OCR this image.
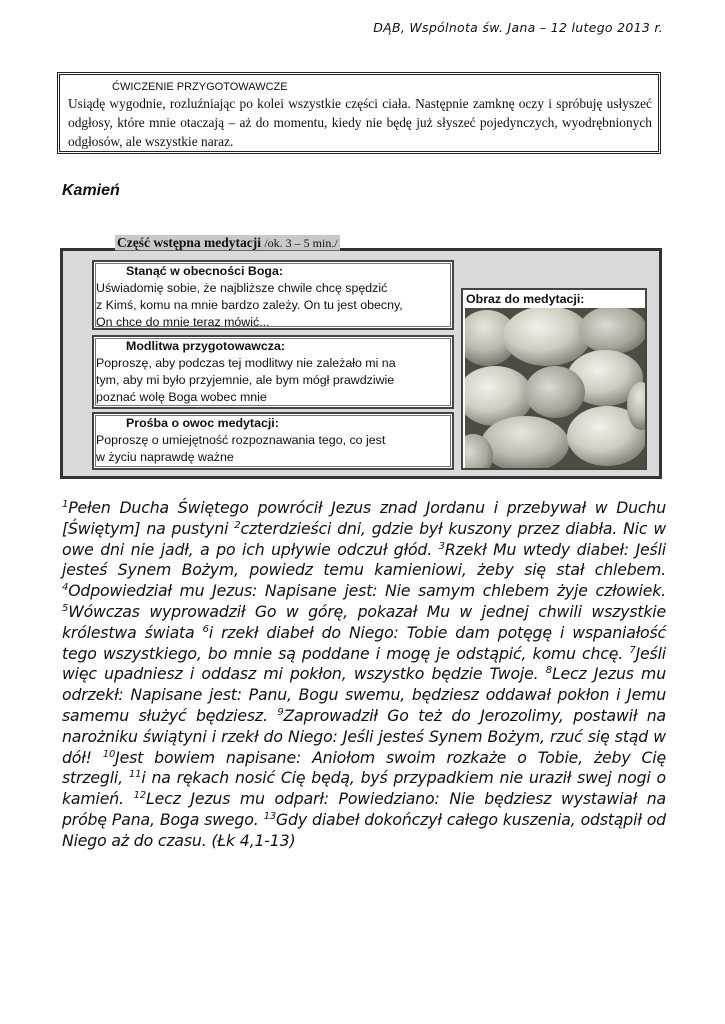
DĄB, Wspólnota św. Jana – 12 lutego 2013 r.
ĆWICZENIE PRZYGOTOWAWCZE

Usiądę wygodnie, rozluźniając po kolei wszystkie części ciała. Następnie zamknę oczy i spróbuję usłyszeć odgłosy, które mnie otaczają – aż do momentu, kiedy nie będę już słyszeć pojedynczych, wyodrębnionych odgłosów, ale wszystkie naraz.

Kamień
Część wstępna medytacji /ok. 3 – 5 min./
Stanąć w obecności Boga:
Uświadomię sobie, że najbliższe chwile chcę spędzić
z Kimś, komu na mnie bardzo zależy. On tu jest obecny,
On chce do mnie teraz mówić...
Modlitwa przygotowawcza:
Poproszę, aby podczas tej modlitwy nie zależało mi na
tym, aby mi było przyjemnie, ale bym mógł prawdziwie
poznać wolę Boga wobec mnie
Prośba o owoc medytacji:
Poproszę o umiejętność rozpoznawania tego, co jest
w życiu naprawdę ważne
Obraz do medytacji:

$^1$Pełen Ducha Świętego powrócił Jezus znad Jordanu i przebywał w Duchu [Świętym] na pustyni $^2$czterdzieści dni, gdzie był kuszony przez diabła. Nic w owe dni nie jadł, a po ich upływie odczuł głód. $^3$Rzekł Mu wtedy diabeł: Jeśli jesteś Synem Bożym, powiedz temu kamieniowi, żeby się stał chlebem. $^4$Odpowiedział mu Jezus: Napisane jest: Nie samym chlebem żyje człowiek. $^5$Wówczas wyprowadził Go w górę, pokazał Mu w jednej chwili wszystkie królestwa świata $^6$i rzekł diabeł do Niego: Tobie dam potęgę i wspaniałość tego wszystkiego, bo mnie są poddane i mogę je odstąpić, komu chcę. $^7$Jeśli więc upadniesz i oddasz mi pokłon, wszystko będzie Twoje. $^8$Lecz Jezus mu odrzekł: Napisane jest: Panu, Bogu swemu, będziesz oddawał pokłon i Jemu samemu służyć będziesz. $^9$Zaprowadził Go też do Jerozolimy, postawił na narożniku świątyni i rzekł do Niego: Jeśli jesteś Synem Bożym, rzuć się stąd w dół! $^{10}$Jest bowiem napisane: Aniołom swoim rozkaże o Tobie, żeby Cię strzegli, $^{11}$i na rękach nosić Cię będą, byś przypadkiem nie uraził swej nogi o kamień. $^{12}$Lecz Jezus mu odparł: Powiedziano: Nie będziesz wystawiał na próbę Pana, Boga swego. $^{13}$Gdy diabeł dokończył całego kuszenia, odstąpił od Niego aż do czasu. (Łk 4,1-13)
